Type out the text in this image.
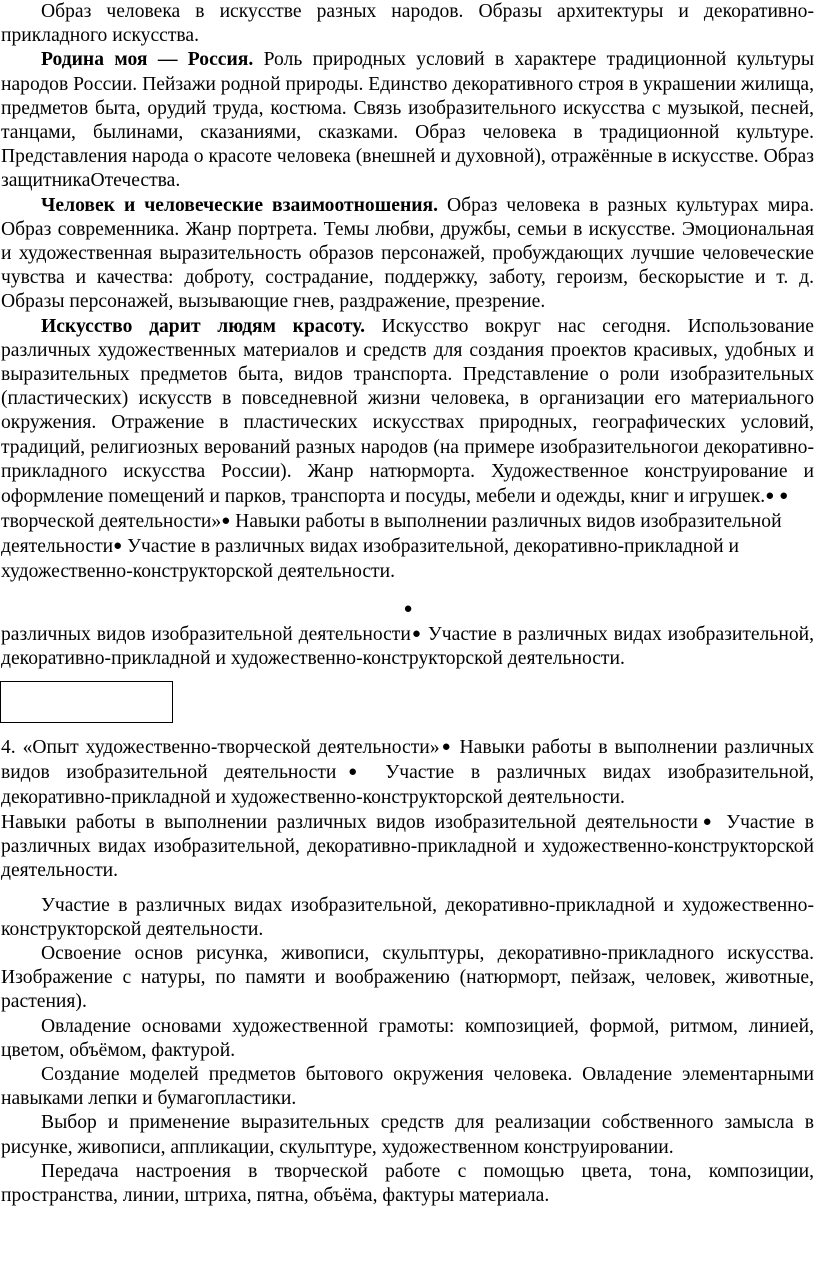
Образ человека в искусстве разных народов. Образы архитектуры и декоративно-прикладного искусства.

Родина моя — Россия. Роль природных условий в характере традиционной культуры народов России. Пейзажи родной природы. Единство декоративного строя в украшении жилища, предметов быта, орудий труда, костюма. Связь изобразительного искусства с музыкой, песней, танцами, былинами, сказаниями, сказками. Образ человека в традиционной культуре. Представления народа о красоте человека (внешней и духовной), отражённые в искусстве. Образ защитникаОтечества.

Человек и человеческие взаимоотношения. Образ человека в разных культурах мира. Образ современника. Жанр портрета. Темы любви, дружбы, семьи в искусстве. Эмоциональная и художественная выразительность образов персонажей, пробуждающих лучшие человеческие чувства и качества: доброту, сострадание, поддержку, заботу, героизм, бескорыстие и т. д. Образы персонажей, вызывающие гнев, раздражение, презрение.

Искусство дарит людям красоту. Искусство вокруг нас сегодня. Использование различных художественных материалов и средств для создания проектов красивых, удобных и выразительных предметов быта, видов транспорта. Представление о роли изобразительных (пластических) искусств в повседневной жизни человека, в организации его материального окружения. Отражение в пластических искусствах природных, географических условий, традиций, религиозных верований разных народов (на примере изобразительногои декоративно-прикладного искусства России). Жанр натюрморта. Художественное конструирование и оформление помещений и парков, транспорта и посуды, мебели и одежды, книг и игрушек.● ●

творческой деятельности»● Навыки работы в выполнении различных видов изобразительной деятельности● Участие в различных видах изобразительной, декоративно-прикладной и художественно-конструкторской деятельности.

●

различных видов изобразительной деятельности● Участие в различных видах изобразительной, декоративно-прикладной и художественно-конструкторской деятельности.

4. «Опыт художественно-творческой деятельности»● Навыки работы в выполнении различных видов изобразительной деятельности● Участие в различных видах изобразительной, декоративно-прикладной и художественно-конструкторской деятельности.

Навыки работы в выполнении различных видов изобразительной деятельности● Участие в различных видах изобразительной, декоративно-прикладной и художественно-конструкторской деятельности.

Участие в различных видах изобразительной, декоративно-прикладной и художественно-конструкторской деятельности.

Освоение основ рисунка, живописи, скульптуры, декоративно-прикладного искусства. Изображение с натуры, по памяти и воображению (натюрморт, пейзаж, человек, животные, растения).

Овладение основами художественной грамоты: композицией, формой, ритмом, линией, цветом, объёмом, фактурой.

Создание моделей предметов бытового окружения человека. Овладение элементарными навыками лепки и бумагопластики.

Выбор и применение выразительных средств для реализации собственного замысла в рисунке, живописи, аппликации, скульптуре, художественном конструировании.

Передача настроения в творческой работе с помощью цвета, тона, композиции, пространства, линии, штриха, пятна, объёма, фактуры материала.
